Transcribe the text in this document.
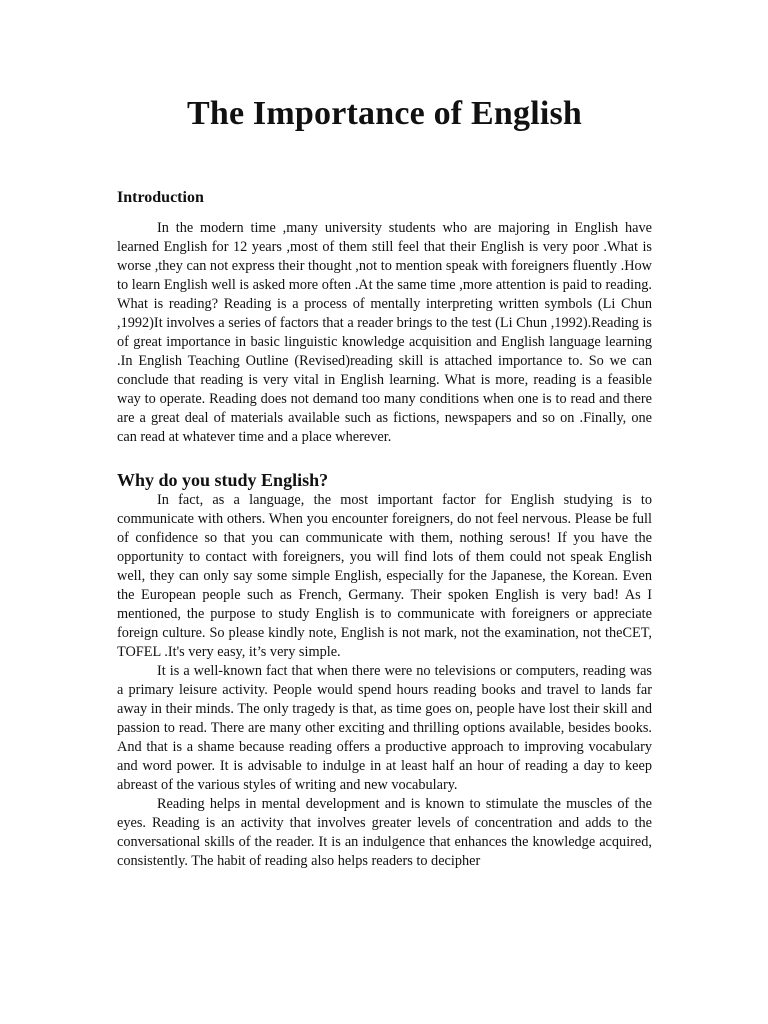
The Importance of English
Introduction

In the modern time ,many university students who are majoring in English have learned English for 12 years ,most of them still feel that their English is very poor .What is worse ,they can not express their thought ,not to mention speak with foreigners fluently .How to learn English well is asked more often .At the same time ,more attention is paid to reading. What is reading? Reading is a process of mentally interpreting written symbols (Li Chun ,1992)It involves a series of factors that a reader brings to the test (Li Chun ,1992).Reading is of great importance in basic linguistic knowledge acquisition and English language learning .In English Teaching Outline (Revised)reading skill is attached importance to. So we can conclude that reading is very vital in English learning. What is more, reading is a feasible way to operate. Reading does not demand too many conditions when one is to read and there are a great deal of materials available such as fictions, newspapers and so on .Finally, one can read at whatever time and a place wherever.

Why do you study English?

In fact, as a language, the most important factor for English studying is to communicate with others. When you encounter foreigners, do not feel nervous. Please be full of confidence so that you can communicate with them, nothing serous! If you have the opportunity to contact with foreigners, you will find lots of them could not speak English well, they can only say some simple English, especially for the Japanese, the Korean. Even the European people such as French, Germany. Their spoken English is very bad! As I mentioned, the purpose to study English is to communicate with foreigners or appreciate foreign culture. So please kindly note, English is not mark, not the examination, not theCET, TOFEL .It's very easy, it’s very simple.

It is a well-known fact that when there were no televisions or computers, reading was a primary leisure activity. People would spend hours reading books and travel to lands far away in their minds. The only tragedy is that, as time goes on, people have lost their skill and passion to read. There are many other exciting and thrilling options available, besides books. And that is a shame because reading offers a productive approach to improving vocabulary and word power. It is advisable to indulge in at least half an hour of reading a day to keep abreast of the various styles of writing and new vocabulary.

Reading helps in mental development and is known to stimulate the muscles of the eyes. Reading is an activity that involves greater levels of concentration and adds to the conversational skills of the reader. It is an indulgence that enhances the knowledge acquired, consistently. The habit of reading also helps readers to decipher
